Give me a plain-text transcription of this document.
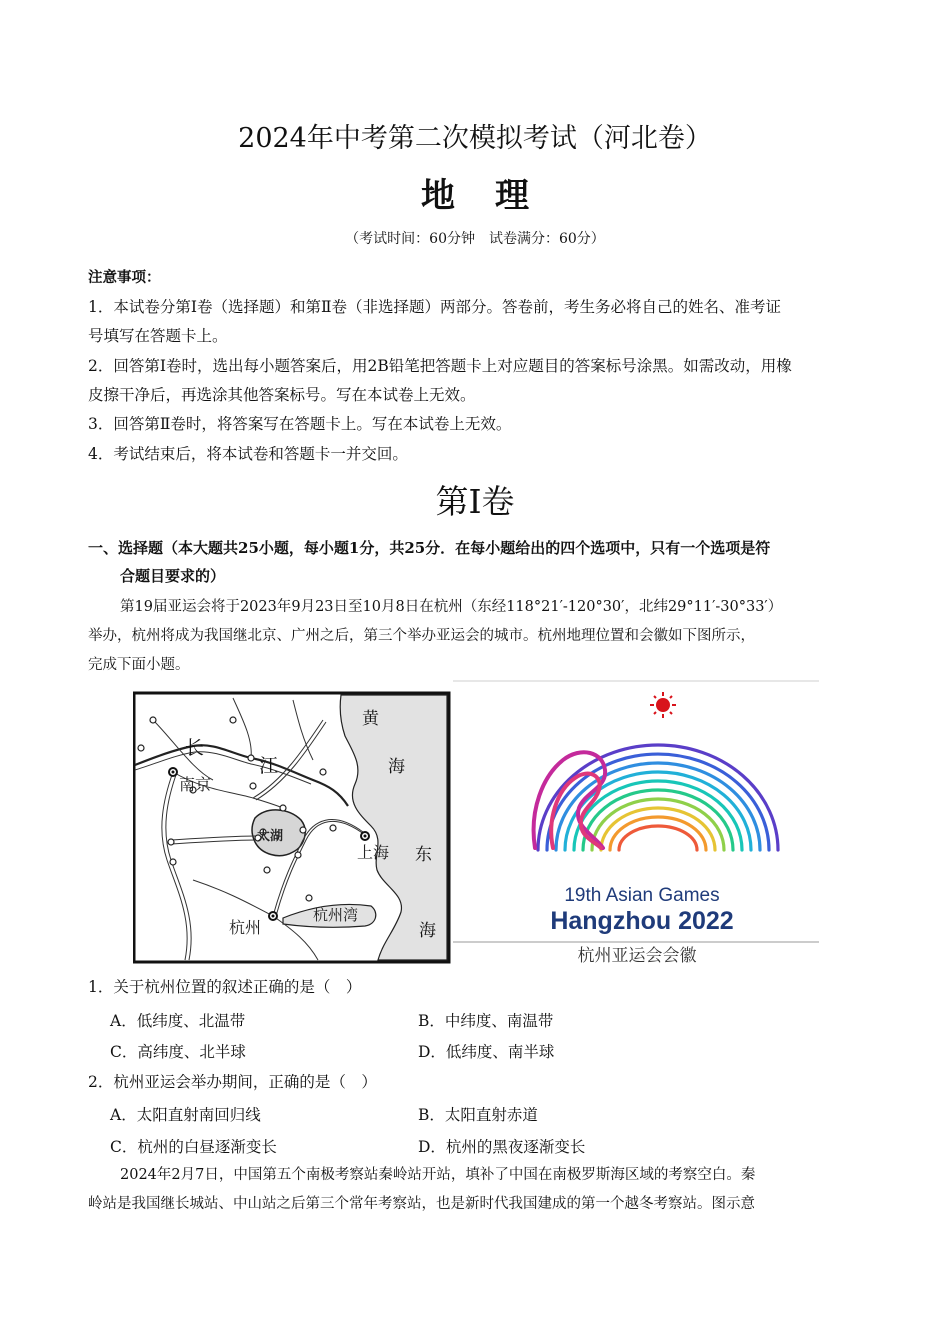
2024年中考第二次模拟考试（河北卷）
地理
（考试时间：60分钟　试卷满分：60分）
注意事项：
1．本试卷分第Ⅰ卷（选择题）和第Ⅱ卷（非选择题）两部分。答卷前，考生务必将自己的姓名、准考证
号填写在答题卡上。
2．回答第Ⅰ卷时，选出每小题答案后，用2B铅笔把答题卡上对应题目的答案标号涂黑。如需改动，用橡
皮擦干净后，再选涂其他答案标号。写在本试卷上无效。
3．回答第Ⅱ卷时，将答案写在答题卡上。写在本试卷上无效。
4．考试结束后，将本试卷和答题卡一并交回。
第Ⅰ卷
一、选择题（本大题共25小题，每小题1分，共25分．在每小题给出的四个选项中，只有一个选项是符
合题目要求的）
第19届亚运会将于2023年9月23日至10月8日在杭州（东经118°21′-120°30′，北纬29°11′-30°33′）
举办，杭州将成为我国继北京、广州之后，第三个举办亚运会的城市。杭州地理位置和会徽如下图所示，
完成下面小题。
长
江
黄
海
东
海
南京
太湖
上海
杭州
杭州湾
19th Asian Games
Hangzhou 2022
杭州亚运会会徽
1．关于杭州位置的叙述正确的是（　）
A．低纬度、北温带	B．中纬度、南温带
C．高纬度、北半球	D．低纬度、南半球
2．杭州亚运会举办期间，正确的是（　）
A．太阳直射南回归线	B．太阳直射赤道
C．杭州的白昼逐渐变长	D．杭州的黑夜逐渐变长
2024年2月7日，中国第五个南极考察站秦岭站开站，填补了中国在南极罗斯海区域的考察空白。秦
岭站是我国继长城站、中山站之后第三个常年考察站，也是新时代我国建成的第一个越冬考察站。图示意
